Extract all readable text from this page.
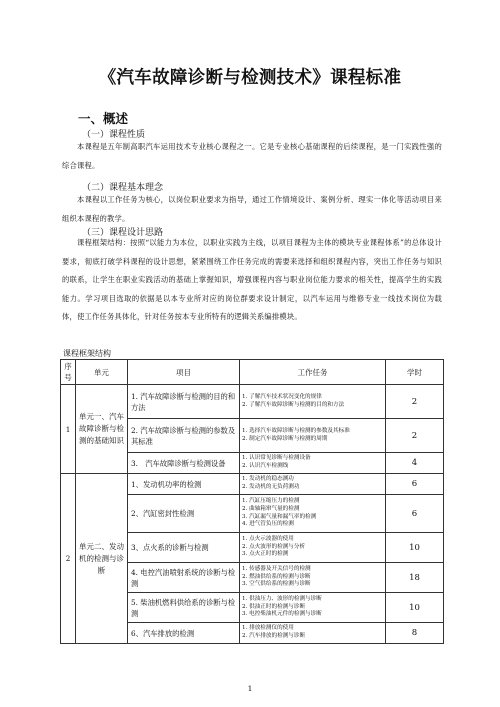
《汽车故障诊断与检测技术》课程标准
一、概述
（一）课程性质
本课程是五年制高职汽车运用技术专业核心课程之一。它是专业核心基础课程的后续课程，是一门实践性强的综合课程。
（二）课程基本理念
本课程以工作任务为核心，以岗位职业要求为指导，通过工作情境设计、案例分析、理实一体化等活动项目来组织本课程的教学。
（三）课程设计思路
课程框架结构：按照“以能力为本位，以职业实践为主线，以项目课程为主体的模块专业课程体系”的总体设计要求，彻底打破学科课程的设计思想，紧紧围绕工作任务完成的需要来选择和组织课程内容，突出工作任务与知识的联系，让学生在职业实践活动的基础上掌握知识，增强课程内容与职业岗位能力要求的相关性，提高学生的实践能力。学习项目选取的依据是以本专业所对应的岗位群要求设计制定，以汽车运用与维修专业一线技术岗位为载体，使工作任务具体化，针对任务按本专业所特有的逻辑关系编排模块。
课程框架结构
序号	单元	项目	工作任务	学时
1	单元一、汽车故障诊断与检测的基础知识	1. 汽车故障诊断与检测的目的和方法	1. 了解汽车技术状况变化的规律
2. 了解汽车故障诊断与检测的目的和方法	2
		2. 汽车故障诊断与检测的参数及其标准	1. 选择汽车故障诊断与检测的参数及其标准
2. 制定汽车故障诊断与检测的周期	2
		3.　汽车故障诊断与检测设备	1. 认识常见诊断与检测设备
2. 认识汽车检测线	4
2	单元二、发动机的检测与诊断	1、发动机功率的检测	1. 发动机的稳态测功
2. 发动机的无负荷测功	6
		2、汽缸密封性检测	1. 汽缸压缩压力的检测
2. 曲轴箱窜气量的检测
3. 汽缸漏气量和漏气率的检测
4. 进气管负压的检测	6
		3、点火系的诊断与检测	1. 点火示波器的使用
2. 点火波形的检测与分析
3. 点火正时的检测	10
		4. 电控汽油喷射系统的诊断与检测	1. 传感器及开关信号的检测
2. 燃油供给系的检测与诊断
3. 空气供给系的检测与诊断	18
		5. 柴油机燃料供给系的诊断与检测	1. 供油压力、波形的检测与诊断
2. 供油正时的检测与诊断
3. 电控柴油机元件的检测与诊断	10
		6、汽车排放的检测	1. 排放检测仪的使用
2. 汽车排放的检测与诊断	8
1
